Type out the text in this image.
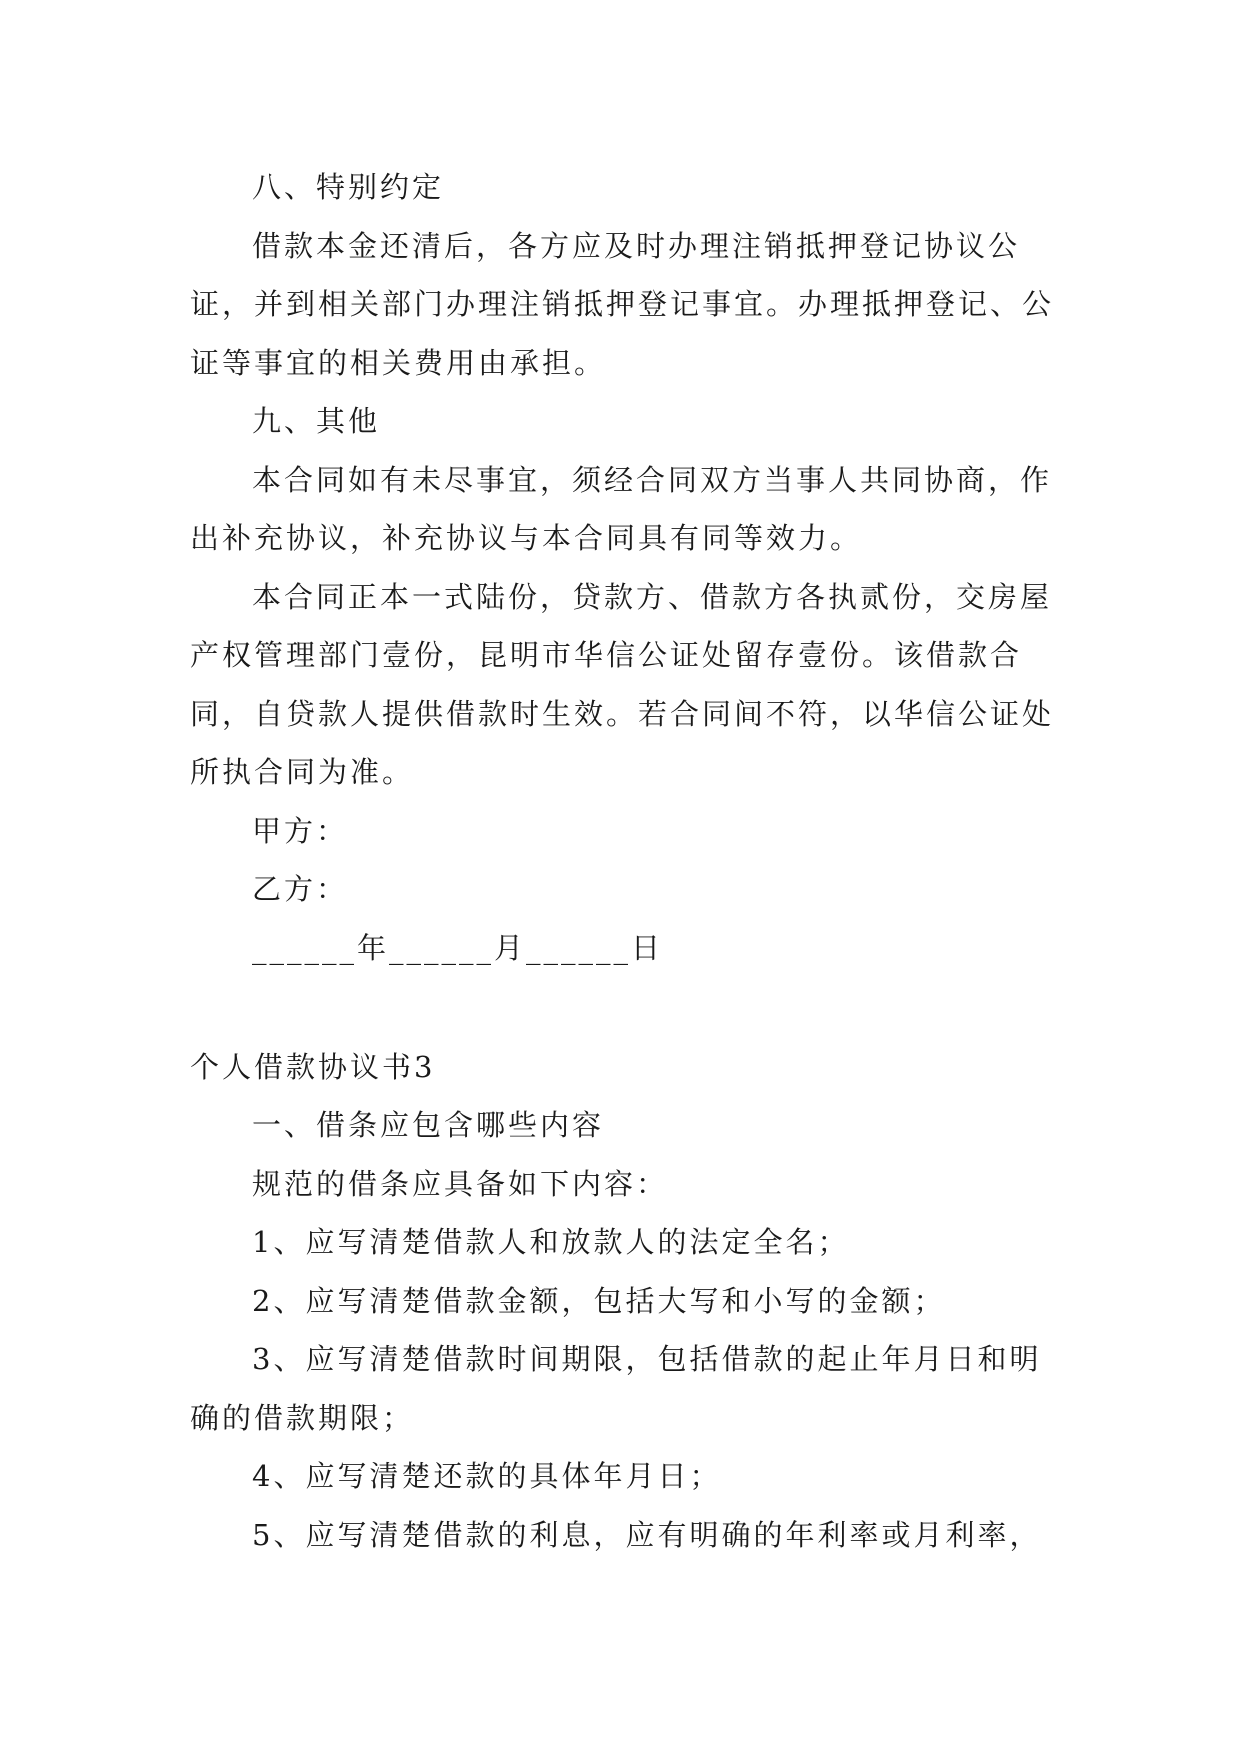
八、特别约定

借款本金还清后，各方应及时办理注销抵押登记协议公证，并到相关部门办理注销抵押登记事宜。办理抵押登记、公证等事宜的相关费用由承担。

九、其他

本合同如有未尽事宜，须经合同双方当事人共同协商，作出补充协议，补充协议与本合同具有同等效力。

本合同正本一式陆份，贷款方、借款方各执贰份，交房屋产权管理部门壹份，昆明市华信公证处留存壹份。该借款合同，自贷款人提供借款时生效。若合同间不符，以华信公证处所执合同为准。

甲方：

乙方：

______年______月______日

个人借款协议书3

一、借条应包含哪些内容

规范的借条应具备如下内容：

1、应写清楚借款人和放款人的法定全名；

2、应写清楚借款金额，包括大写和小写的金额；

3、应写清楚借款时间期限，包括借款的起止年月日和明确的借款期限；

4、应写清楚还款的具体年月日；

5、应写清楚借款的利息，应有明确的年利率或月利率，
